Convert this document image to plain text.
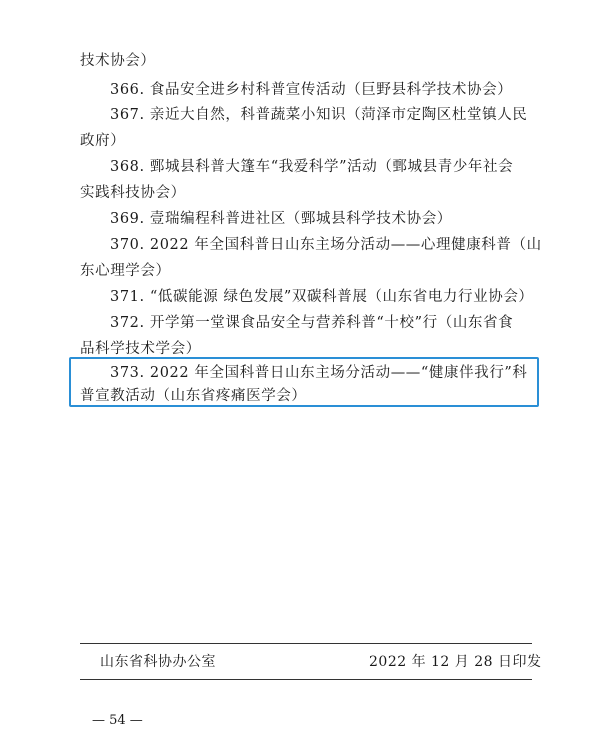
技术协会）
366. 食品安全进乡村科普宣传活动（巨野县科学技术协会）
367. 亲近大自然，科普蔬菜小知识（菏泽市定陶区杜堂镇人民
政府）
368. 鄄城县科普大篷车“我爱科学”活动（鄄城县青少年社会
实践科技协会）
369. 壹瑞编程科普进社区（鄄城县科学技术协会）
370. 2022 年全国科普日山东主场分活动——心理健康科普（山
东心理学会）
371. “低碳能源 绿色发展”双碳科普展（山东省电力行业协会）
372. 开学第一堂课食品安全与营养科普“十校”行（山东省食
品科学技术学会）
373. 2022 年全国科普日山东主场分活动——“健康伴我行”科
普宣教活动（山东省疼痛医学会）
山东省科协办公室	2022 年 12 月 28 日印发
— 54 —
